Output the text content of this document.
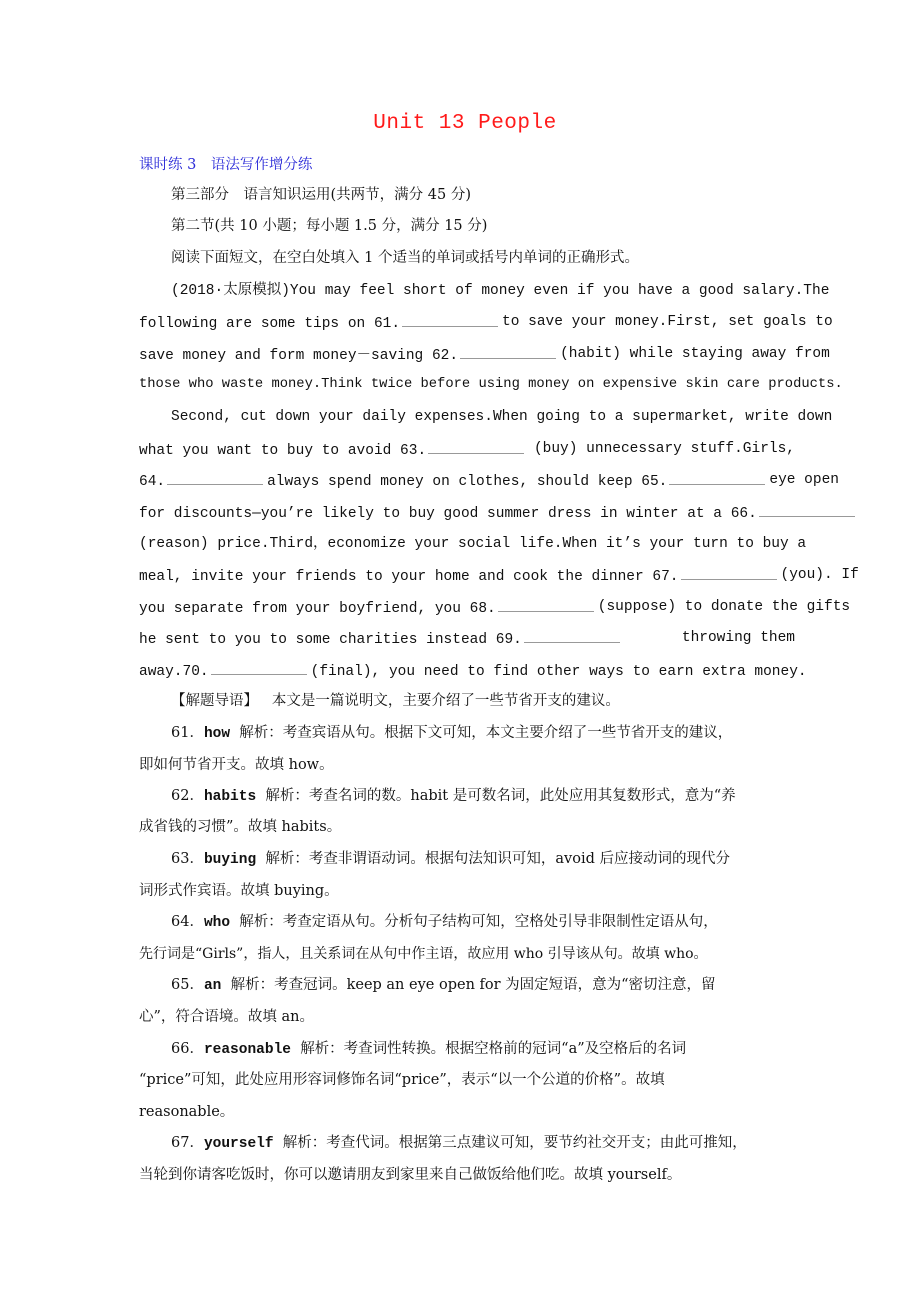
Unit 13 People
课时练 3　语法写作增分练
第三部分　语言知识运用(共两节，满分 45 分)
第二节(共 10 小题；每小题 1.5 分，满分 15 分)
阅读下面短文，在空白处填入 1 个适当的单词或括号内单词的正确形式。
(2018·太原模拟)You may feel short of money even if you have a good salary.The
following are some tips on 61.	to save your money.First, set goals to
save money and form money－saving 62.	(habit) while staying away from
those who waste money.Think twice before using money on expensive skin care products.
Second, cut down your daily expenses.When going to a supermarket, write down
what you want to buy to avoid 63.	(buy) unnecessary stuff.Girls,
64.	always spend money on clothes, should keep 65.	eye open
for discounts—you’re likely to buy good summer dress in winter at a 66.
(reason) price.Third，economize your social life.When it’s your turn to buy a
meal, invite your friends to your home and cook the dinner 67.	(you). If
you separate from your boyfriend, you 68.	(suppose) to donate the gifts
he sent to you to some charities instead 69.	throwing them
away.70.	(final), you need to find other ways to earn extra money.
【解题导语】 本文是一篇说明文，主要介绍了一些节省开支的建议。
61．how 解析：考查宾语从句。根据下文可知，本文主要介绍了一些节省开支的建议，
即如何节省开支。故填 how。
62．habits 解析：考查名词的数。habit 是可数名词，此处应用其复数形式，意为“养
成省钱的习惯”。故填 habits。
63．buying 解析：考查非谓语动词。根据句法知识可知，avoid 后应接动词的现代分
词形式作宾语。故填 buying。
64．who 解析：考查定语从句。分析句子结构可知，空格处引导非限制性定语从句，
先行词是“Girls”，指人，且关系词在从句中作主语，故应用 who 引导该从句。故填 who。
65．an 解析：考查冠词。keep an eye open for 为固定短语，意为“密切注意，留
心”，符合语境。故填 an。
66．reasonable 解析：考查词性转换。根据空格前的冠词“a”及空格后的名词
“price”可知，此处应用形容词修饰名词“price”，表示“以一个公道的价格”。故填
reasonable。
67．yourself 解析：考查代词。根据第三点建议可知，要节约社交开支；由此可推知，
当轮到你请客吃饭时，你可以邀请朋友到家里来自己做饭给他们吃。故填 yourself。
